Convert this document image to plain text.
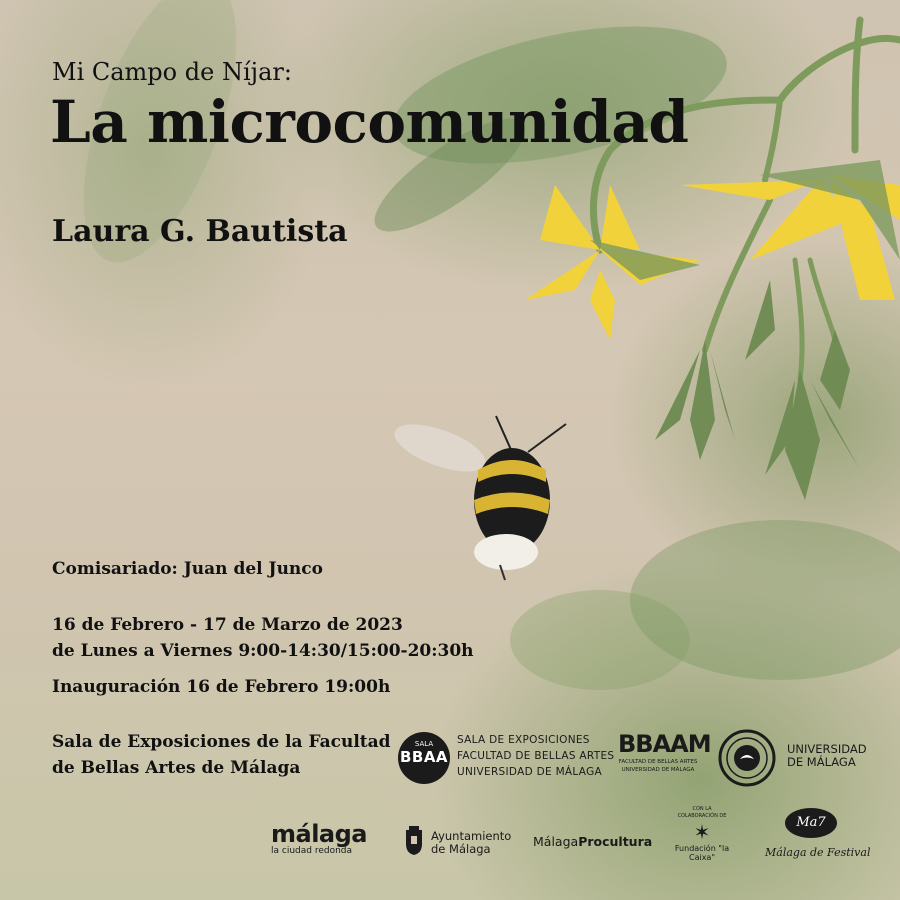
Mi Campo de Níjar:
La microcomunidad
Laura G. Bautista
Comisariado: Juan del Junco
16 de Febrero - 17 de Marzo de 2023
de Lunes a Viernes 9:00-14:30/15:00-20:30h
Inauguración 16 de Febrero 19:00h
Sala de Exposiciones de la Facultad
de Bellas Artes de Málaga
SALA
BBAA
SALA DE EXPOSICIONES
FACULTAD DE BELLAS ARTES
UNIVERSIDAD DE MÁLAGA
BBAAM
FACULTAD DE BELLAS ARTES
UNIVERSIDAD DE MÁLAGA
UNIVERSIDAD
DE MÁLAGA
málaga
la ciudad redonda
Ayuntamiento
de Málaga	MálagaProcultura
CON LA
COLABORACIÓN DE
✶
Fundación "la Caixa"
Ma7
Málaga de Festival
